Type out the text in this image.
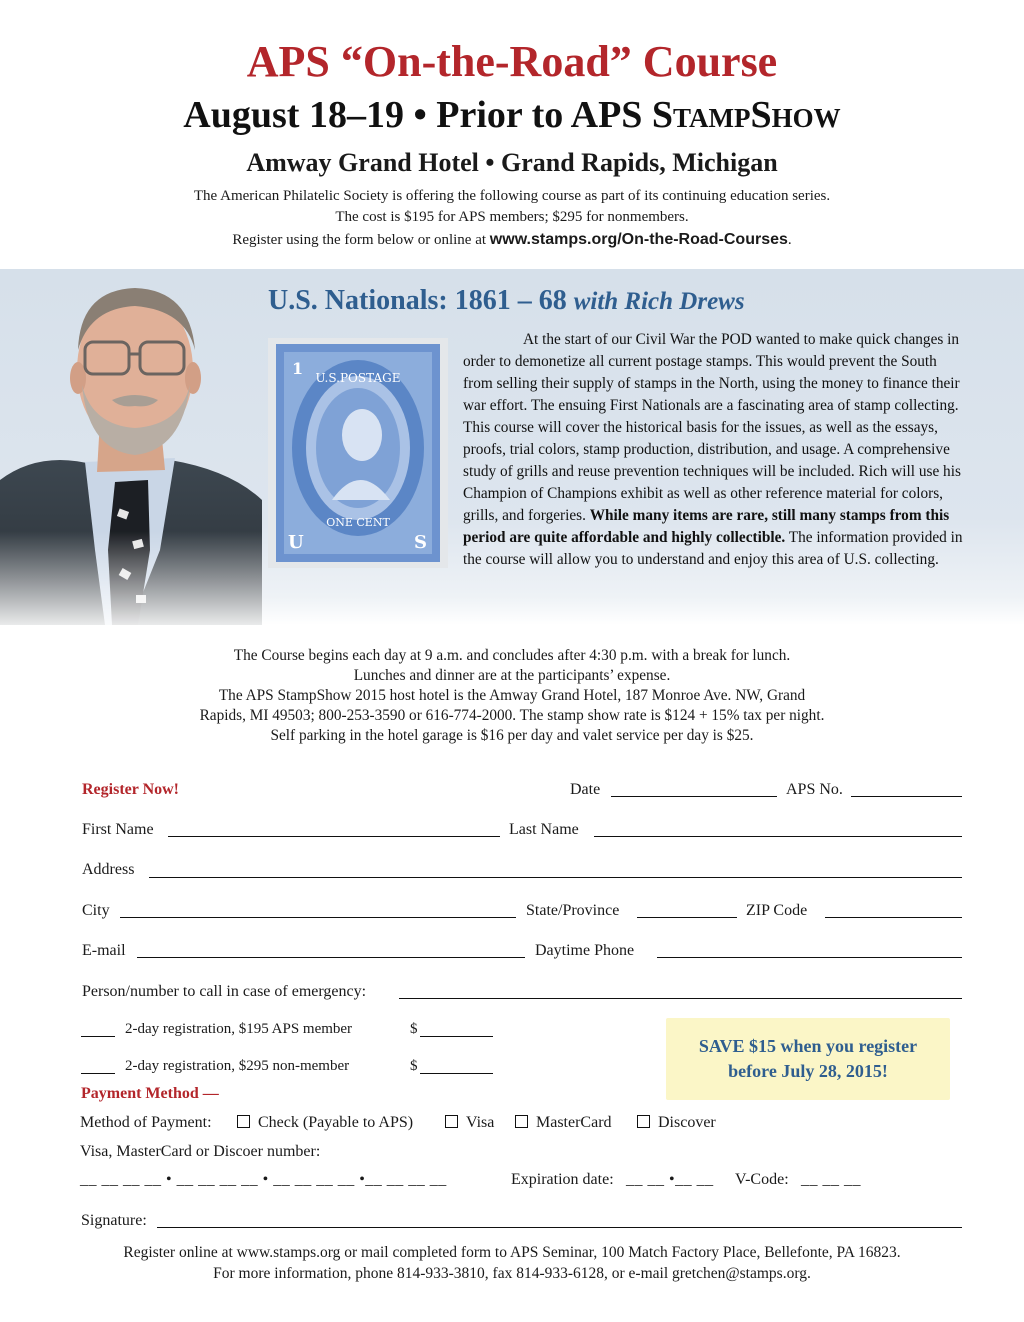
APS “On-the-Road” Course
August 18–19 • Prior to APS StampShow
Amway Grand Hotel • Grand Rapids, Michigan
The American Philatelic Society is offering the following course as part of its continuing education series.
The cost is $195 for APS members; $295 for nonmembers.
Register using the form below or online at www.stamps.org/On-the-Road-Courses.
U.S.POSTAGE
ONE CENT
1
U	S
U.S. Nationals: 1861 – 68 with Rich Drews
At the start of our Civil War the POD wanted to make quick changes in order to demonetize all current postage stamps. This would prevent the South from selling their supply of stamps in the North, using the money to finance their war effort. The ensuing First Nationals are a fascinating area of stamp collecting. This course will cover the historical basis for the issues, as well as the essays, proofs, trial colors, stamp production, distribution, and usage. A comprehensive study of grills and reuse prevention techniques will be included. Rich will use his Champion of Champions exhibit as well as other reference material for colors, grills, and forgeries. While many items are rare, still many stamps from this period are quite affordable and highly collectible. The information provided in the course will allow you to understand and enjoy this area of U.S. collecting.
The Course begins each day at 9 a.m. and concludes after 4:30 p.m. with a break for lunch.
Lunches and dinner are at the participants’ expense.
The APS StampShow 2015 host hotel is the Amway Grand Hotel, 187 Monroe Ave. NW, Grand
Rapids, MI 49503; 800-253-3590 or 616-774-2000. The stamp show rate is $124 + 15% tax per night.
Self parking in the hotel garage is $16 per day and valet service per day is $25.
Register Now!	Date	APS No.
First Name	Last Name
Address
City	State/Province	ZIP Code
E-mail	Daytime Phone
Person/number to call in case of emergency:
2-day registration, $195 APS member	$
2-day registration, $295 non-member	$
SAVE $15 when you register
before July 28, 2015!
Payment Method —
Method of Payment:	Check (Payable to APS)	Visa	MasterCard	Discover
Visa, MasterCard or Discoer number:
__ __ __ __ • __ __ __ __ • __ __ __ __ •__ __ __ __	Expiration date: __ __ •__ __ V-Code: __ __ __
Signature:
Register online at www.stamps.org or mail completed form to APS Seminar, 100 Match Factory Place, Bellefonte, PA 16823.
For more information, phone 814-933-3810, fax 814-933-6128, or e-mail gretchen@stamps.org.
